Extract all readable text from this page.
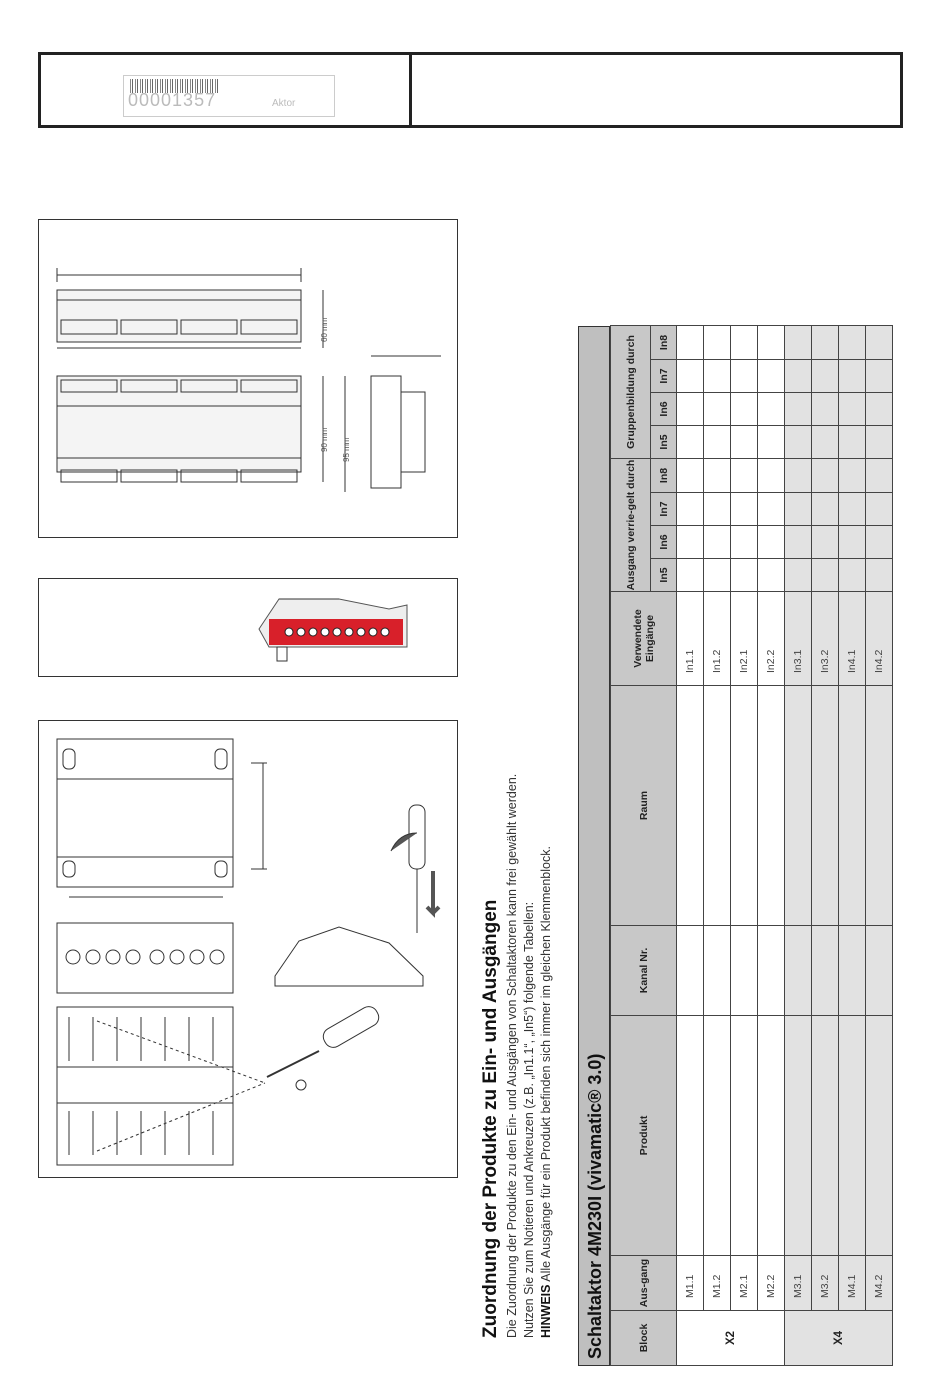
00001357	Aktor
60 mm
90 mm 95 mm
Zuordnung der Produkte zu Ein- und Ausgängen Die Zuordnung der Produkte zu den Ein- und Ausgängen von Schaltaktoren kann frei gewählt werden. Nutzen Sie zum Notieren und Ankreuzen (z.B. „In1.1“, „In5“) folgende Tabellen: HINWEIS Alle Ausgänge für ein Produkt befinden sich immer im gleichen Klemmenblock.	Schaltaktor 4M230I (vivamatic® 3.0)	Block	Aus-gang	Produkt	Kanal Nr.	Raum	Verwendete Eingänge	Ausgang verrie-gelt durch				Gruppenbildung durch			

						In5	In6	In7	In8	In5	In6	In7	In8
X2	M1.1				In1.1								
	M1.2				In1.2								
	M2.1				In2.1								
	M2.2				In2.2								
X4	M3.1				In3.1								
	M3.2				In3.2								
	M4.1				In4.1								
	M4.2				In4.2								
